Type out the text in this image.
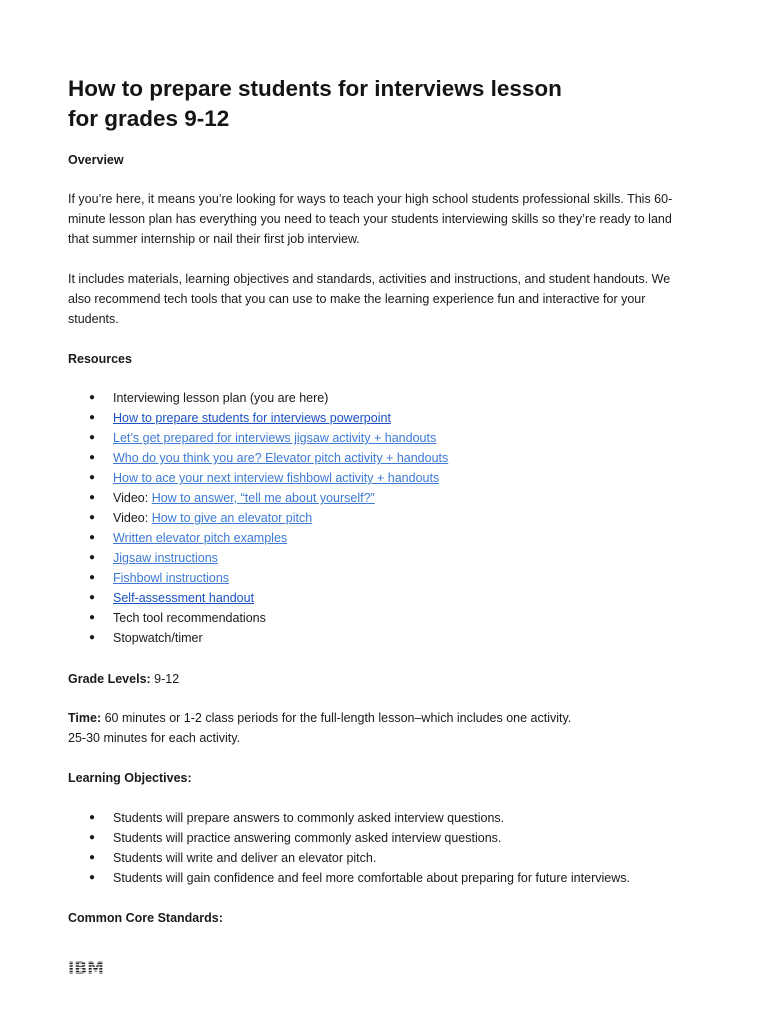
How to prepare students for interviews lesson
for grades 9-12
Overview

If you’re here, it means you’re looking for ways to teach your high school students professional skills. This 60-
minute lesson plan has everything you need to teach your students interviewing skills so they’re ready to land
that summer internship or nail their first job interview.

It includes materials, learning objectives and standards, activities and instructions, and student handouts. We
also recommend tech tools that you can use to make the learning experience fun and interactive for your
students.

Resources
● Interviewing lesson plan (you are here)
● How to prepare students for interviews powerpoint
● Let’s get prepared for interviews jigsaw activity + handouts
● Who do you think you are? Elevator pitch activity + handouts
● How to ace your next interview fishbowl activity + handouts
● Video: How to answer, “tell me about yourself?”
● Video: How to give an elevator pitch
● Written elevator pitch examples
● Jigsaw instructions
● Fishbowl instructions
● Self-assessment handout
● Tech tool recommendations
● Stopwatch/timer

Grade Levels: 9-12

Time: 60 minutes or 1-2 class periods for the full-length lesson–which includes one activity.
25-30 minutes for each activity.

Learning Objectives:
● Students will prepare answers to commonly asked interview questions.
● Students will practice answering commonly asked interview questions.
● Students will write and deliver an elevator pitch.
● Students will gain confidence and feel more comfortable about preparing for future interviews.
Common Core Standards:
IBM
